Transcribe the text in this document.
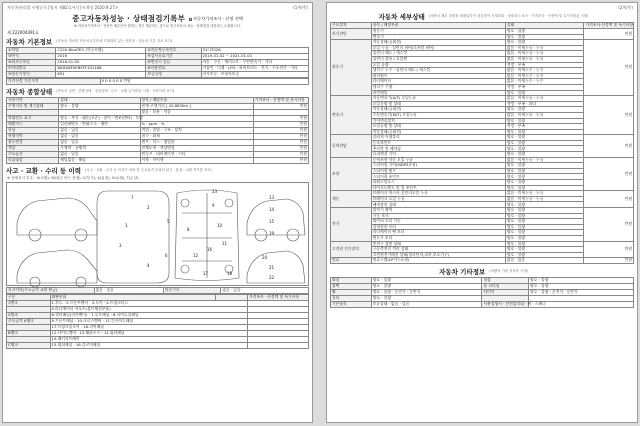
자동차관리법 시행규칙 [별지 제82호서식] <개정 2020.9.27>	(1쪽/총)
중고자동차성능 · 상태점검기록부	자동차가격조사 · 산정 선택
※ 자동차가격조사 · 산정은 매수인이 원하는 경우 제공하는 것으로 중고자동차 성능 · 상태점검 내용과는 무관합니다.
제 222004391호
자동차 기본정보 (자동차 정보를 자동차등록증에 기재되어 있는 사항을 · 자동차 기본 정보 표기)
①차명	C220 BlueTEC (아루르팸)	②자동차등록번호	31다7026
③연식	2016	④검사유효기간	2019-01-02 ~ 2021-01-01
⑤최초등록일	2016-01-02	⑥변속기 종류	자동 · 수동 · 세미오토 · 무단변속기 · 기타
⑦차대번호	WDDWF0EB5FF101166	⑧사용연료	가솔린 · 디젤 · LPG · 하이브리드 · 전기 · 수소전기 · 기타
⑨원동기형식	651	보증유형	자가보증 · 보험사보증
가격산정 기준가격	0 0 0 0 0 0 만원
자동차 종합상태 (자동차 일반 · 종합상태 · 정밀상태 · 사고 · 교환 등이력을 기재 · 사용이력 표기)
사용이력	상태	항목 / 해당부품	가격조사 · 산정액 및 특기사항
주행거리 및 계기상태	양호 · 불량	현재 주행거리 [ 42,683Km ]	만원
		많음 · 보통 · 적음	
차대번호 표기	양호 · 부식 · 훼손(오손) · 상이 · 변조(변타) · 도말		만원
배출가스	일산화탄소 · 탄화수소 · 매연	% · ppm · %	만원
튜닝	없음 · 있음	적법 · 불법 · 구조 · 장치	만원
특별이력	없음 · 있음	침수 · 화재	만원
용도변경	없음 · 있음	렌트 · 리스 · 영업용	만원
색상	무채색 · 유채색	전체도색 · 색상변경	만원
주요옵션	없음 · 있음	썬루프 · 네비게이션 · 기타	만원
리콜대상	해당없음 · 해당	이행 · 미이행	만원
사고 · 교환 · 수리 등 이력 (사고 · 교환 · 수리 등 이력은 외판 및 주요골격 부위의 판금 · 용접 · 교환 여부를 표시)
※ 상태표시 부호 : X(교환), W(판금 또는 용접), C(부식), A(흠집), U(요철), T(손상)
1
2
3
4
5
6
7
8
9
10
11
12
13
14
15
16
17	18
19
20
21
22
23
사고이력(주요골격 교환·판금)	없음 · 있음	단순수리	없음 · 있음
구분	외판부위		가격조사 · 산정액 및 특기사항
1랭크	1.후드 · 2.프론트펜더 · 3.도어 · 4.트렁크리드		
	5.라디에이터 서포트(볼트체결부품)		
2랭크	6.쿼터패널(리어펜더) · 7.루프패널 · 8.사이드실패널		
주요골격 A랭크	9.프론트패널 · 10.크로스멤버 · 11.인사이드패널		
	17.트렁크플로어 · 18.리어패널		
B랭크	12.사이드멤버 · 13.휠하우스 · 14.필러패널		
	19.패키지트레이		
C랭크	15.대쉬패널 · 16.플로어패널		
(2쪽/총)
자동차 세부상태 (차량의 세부 상태를 매매업자가 점검하여 기재하되 · 상태표시 표시 · 가격조사 · 산정액 및 특기사항을 기재)
주요장치	항목 / 해당부품	상태	가격조사·산정액 및 특기사항
자기진단	원동기	양호 · 불량	만원
	변속기	양호 · 불량	
원동기	작동상태(공회전)	양호 · 불량	만원
	오일 누유 · 실린더 커버(로커암 커버)	없음 · 미세누유 · 누유	
	실린더 헤드 / 개스킷	없음 · 미세누유 · 누유	
	실린더 블록 / 오일팬	없음 · 미세누유 · 누유	
	오일 유량	적정 · 부족	
	냉각수 누수 · 실린더 헤드 / 개스킷	없음 · 미세누수 · 누수	
	워터펌프	없음 · 미세누수 · 누수	
	라디에이터	없음 · 미세누수 · 누수	
	냉각수 수량	적정 · 부족	
	커먼레일	양호 · 불량	
변속기	자동변속기(A/T) 오일누유	없음 · 미세누유 · 누유	만원
	오일유량 및 상태	적정 · 부족 · 과다	
	작동상태(공회전)	양호 · 불량	
	수동변속기(M/T) 오일누유	없음 · 미세누유 · 누유	
	기어변속장치	양호 · 불량	
	오일유량 및 상태	적정 · 부족	
	작동상태(공회전)	양호 · 불량	
동력전달	클러치 어셈블리	양호 · 불량	만원
	등속조인트	양호 · 불량	
	추진축 및 베어링	양호 · 불량	
	디퍼렌셜 기어	양호 · 불량	
조향	동력조향 작동 오일 누유	없음 · 미세누유 · 누유	만원
	스티어링 기어(MDPS포함)	양호 · 불량	
	스티어링 펌프	양호 · 불량	
	스티어링 조인트	양호 · 불량	
	파워고압호스	양호 · 불량	
	타이로드엔드 및 볼 조인트	양호 · 불량	
제동	브레이크 마스터 실린더오일 누유	없음 · 미세누유 · 누유	만원
	브레이크 오일 누유	없음 · 미세누유 · 누유	
	배력장치 상태	양호 · 불량	
전기	발전기 출력	양호 · 불량	만원
	시동 모터	양호 · 불량	
	와이퍼 모터 기능	양호 · 불량	
	실내송풍 모터	양호 · 불량	
	라디에이터 팬 모터	양호 · 불량	
	윈도우 모터	양호 · 불량	
고전원 전기장치	충전구 절연 상태	양호 · 불량	만원
	구동축전지 격리 상태	양호 · 불량	
	고전원전기배선 상태(접속단자,피복,보호기구)	양호 · 불량	
연료	연료누출(LP가스포함)	없음 · 있음	만원
자동차 기타정보 (차량의 기타 정보를 기재)
외장	양호 · 불량	내장	양호 · 불량
광택	양호 · 불량	룸 크리닝	양호 · 불량
휠	양호 · 불량 · 운전석 · 동반석	타이어	양호 · 불량 · 운전석 · 동반석
유리	양호 · 불량		
기본품목	보유상태 · 없음 · 있음	사용설명서 · 안전삼각대 · 잭 · 스패너	
